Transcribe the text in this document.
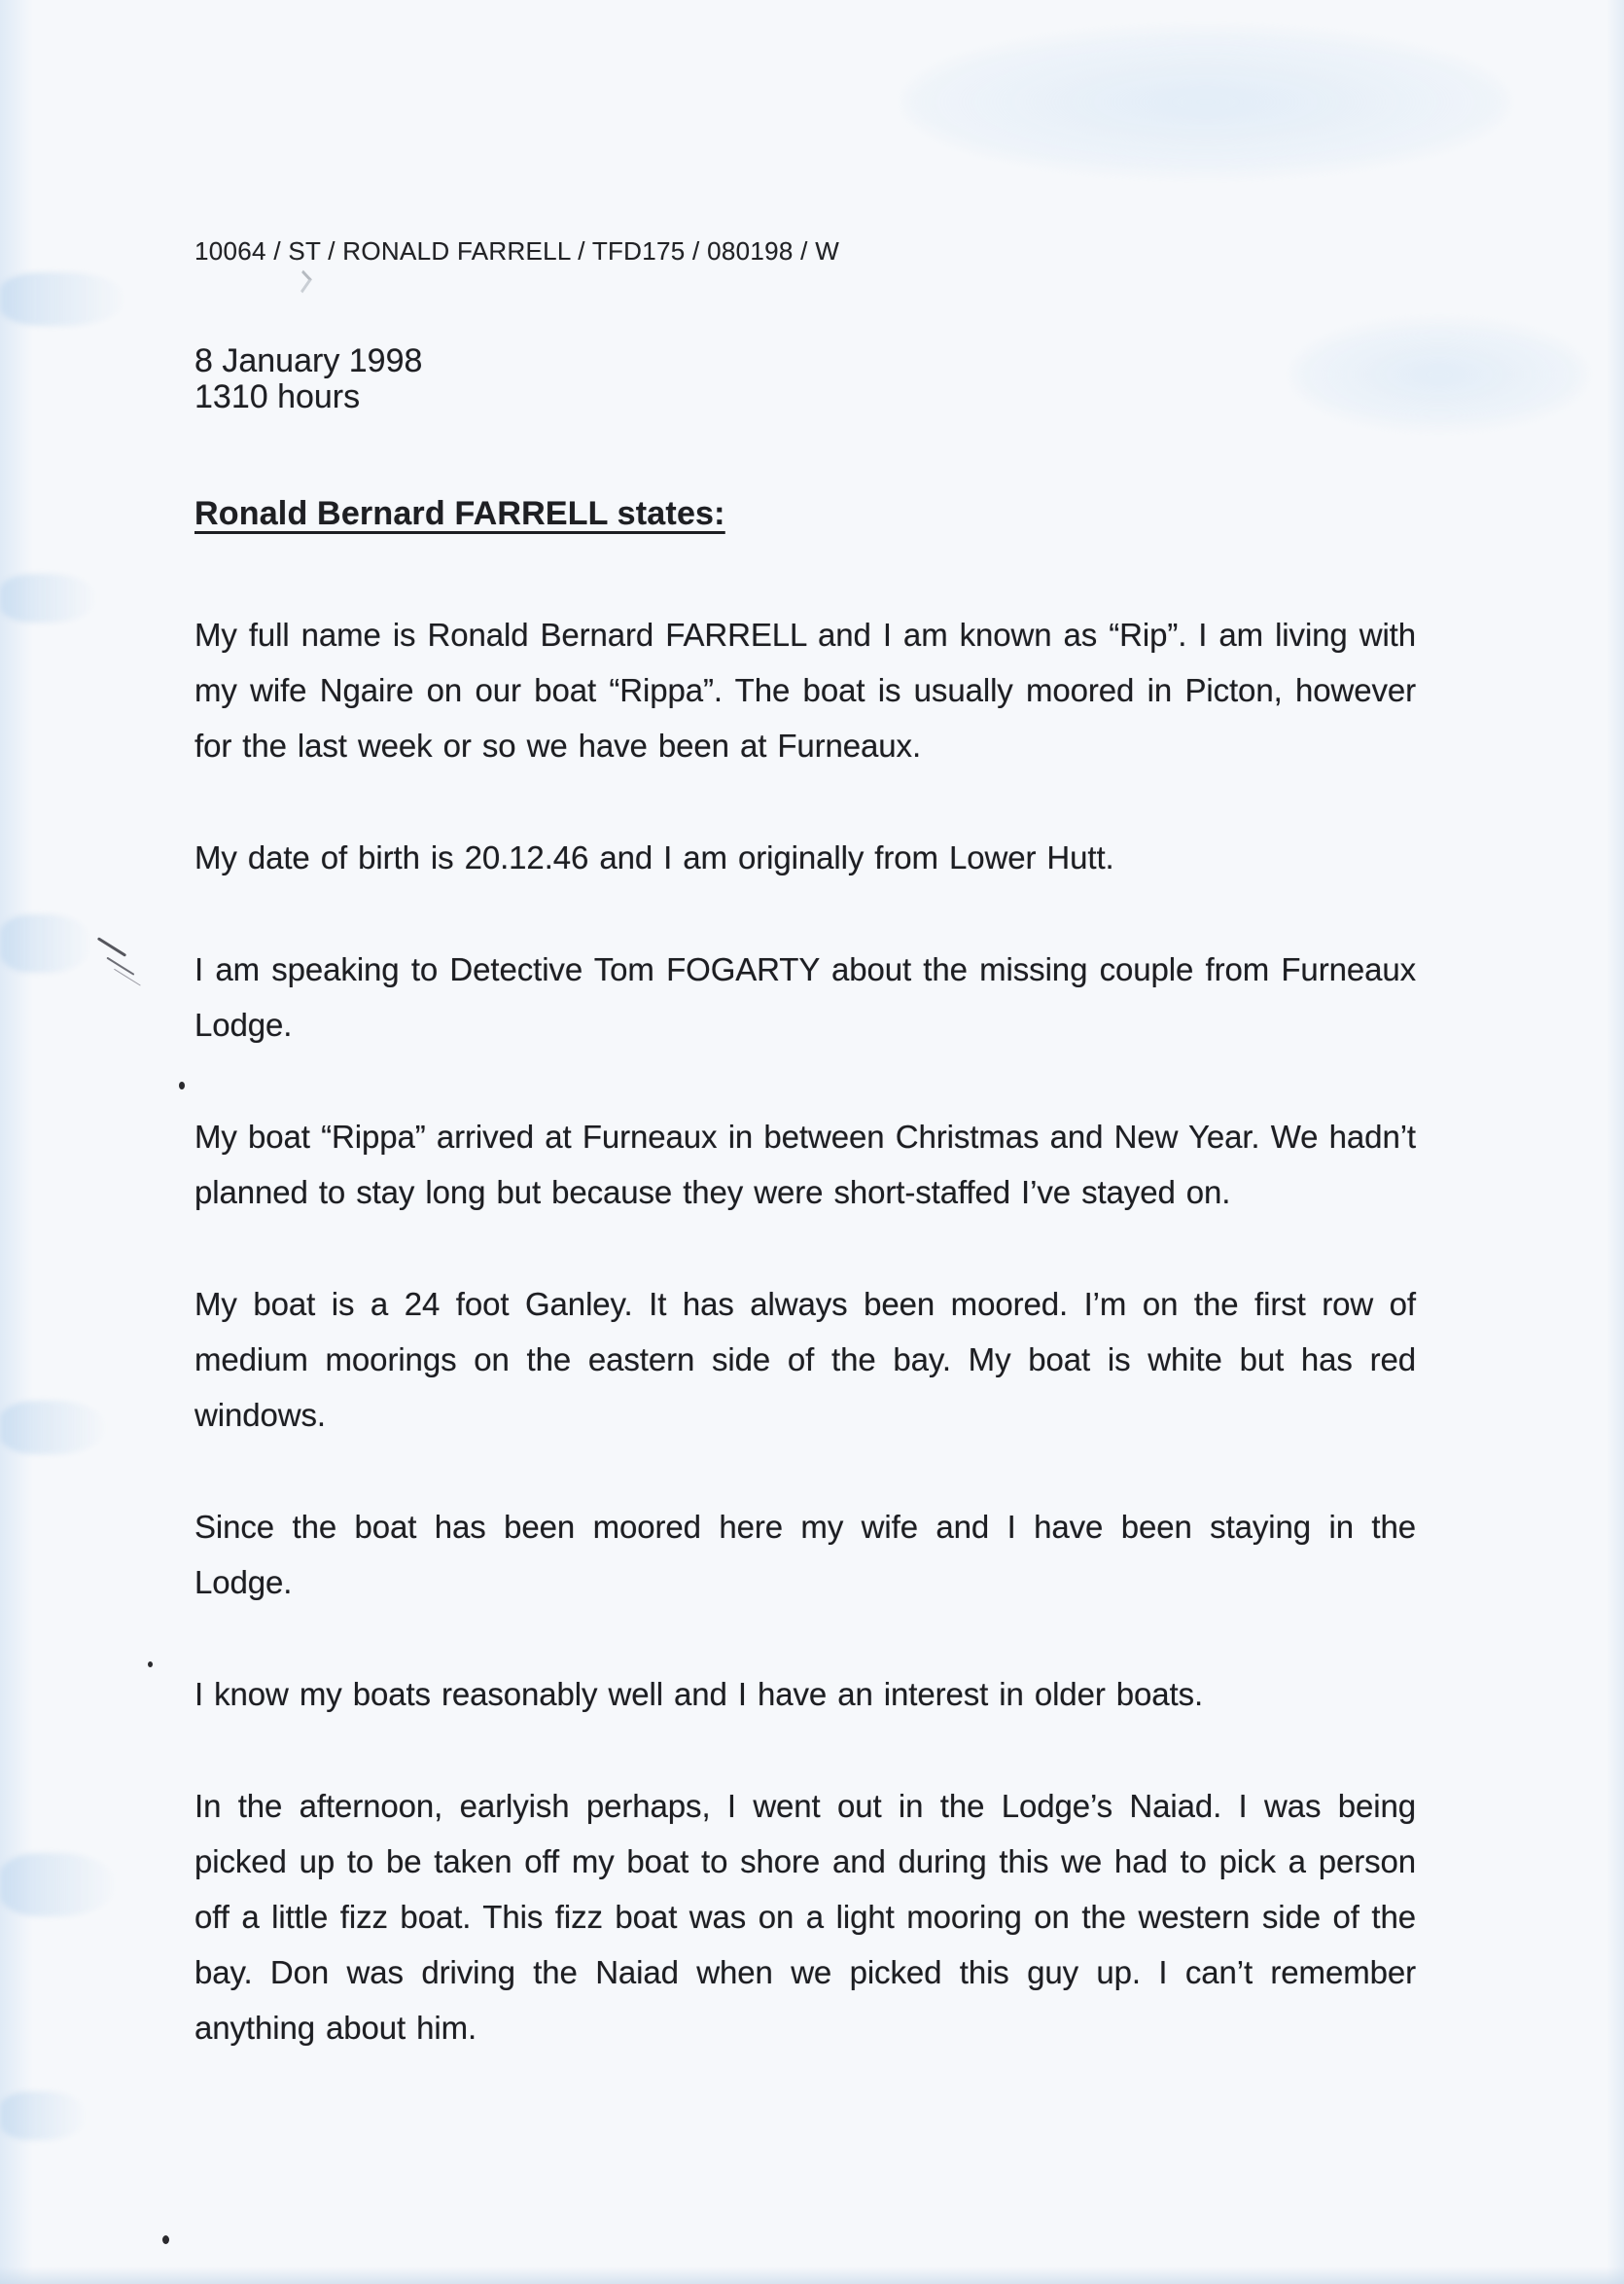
10064 / ST / RONALD FARRELL / TFD175 / 080198 / W

8 January 1998
1310 hours

Ronald Bernard FARRELL states:

My full name is Ronald Bernard FARRELL and I am known as “Rip”. I am living with my wife Ngaire on our boat “Rippa”. The boat is usually moored in Picton, however for the last week or so we have been at Furneaux.

My date of birth is 20.12.46 and I am originally from Lower Hutt.

I am speaking to Detective Tom FOGARTY about the missing couple from Furneaux Lodge.

My boat “Rippa” arrived at Furneaux in between Christmas and New Year. We hadn’t planned to stay long but because they were short-staffed I’ve stayed on.

My boat is a 24 foot Ganley. It has always been moored. I’m on the first row of medium moorings on the eastern side of the bay. My boat is white but has red windows.

Since the boat has been moored here my wife and I have been staying in the Lodge.

I know my boats reasonably well and I have an interest in older boats.

In the afternoon, earlyish perhaps, I went out in the Lodge’s Naiad. I was being picked up to be taken off my boat to shore and during this we had to pick a person off a little fizz boat. This fizz boat was on a light mooring on the western side of the bay. Don was driving the Naiad when we picked this guy up. I can’t remember anything about him.
